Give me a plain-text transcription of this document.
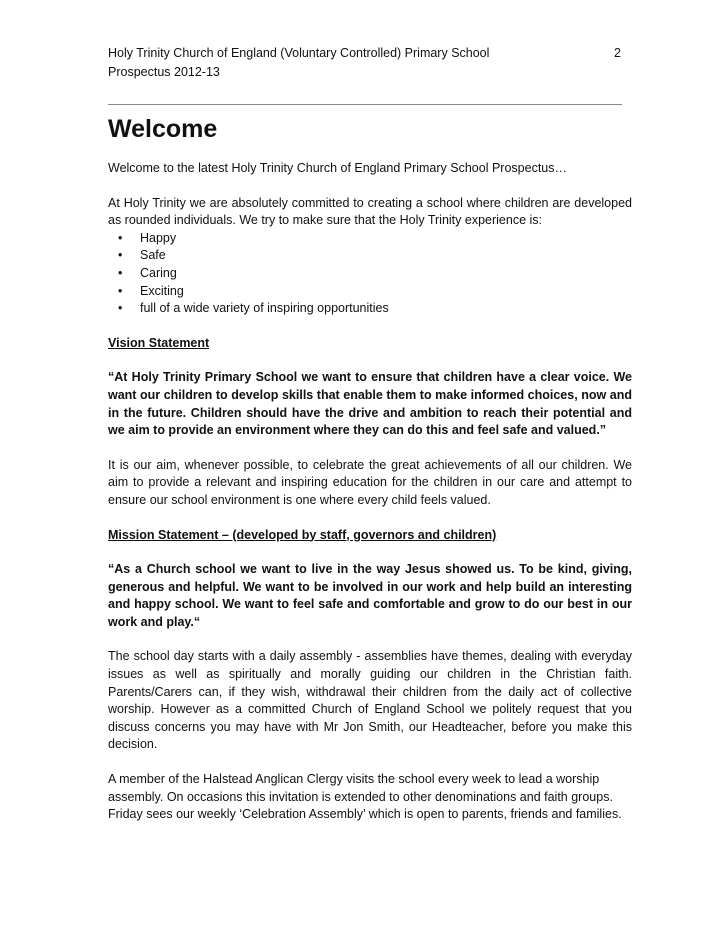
Holy Trinity Church of England (Voluntary Controlled) Primary School	2
Prospectus 2012-13
Welcome

Welcome to the latest Holy Trinity Church of England Primary School Prospectus…

At Holy Trinity we are absolutely committed to creating a school where children are developed as rounded individuals. We try to make sure that the Holy Trinity experience is:

• Happy
• Safe
• Caring
• Exciting
• full of a wide variety of inspiring opportunities
Vision Statement

“At Holy Trinity Primary School we want to ensure that children have a clear voice. We want our children to develop skills that enable them to make informed choices, now and in the future. Children should have the drive and ambition to reach their potential and we aim to provide an environment where they can do this and feel safe and valued.”

It is our aim, whenever possible, to celebrate the great achievements of all our children. We aim to provide a relevant and inspiring education for the children in our care and attempt to ensure our school environment is one where every child feels valued.

Mission Statement – (developed by staff, governors and children)

“As a Church school we want to live in the way Jesus showed us. To be kind, giving, generous and helpful. We want to be involved in our work and help build an interesting and happy school. We want to feel safe and comfortable and grow to do our best in our work and play.“

The school day starts with a daily assembly - assemblies have themes, dealing with everyday issues as well as spiritually and morally guiding our children in the Christian faith. Parents/Carers can, if they wish, withdrawal their children from the daily act of collective worship. However as a committed Church of England School we politely request that you discuss concerns you may have with Mr Jon Smith, our Headteacher, before you make this decision.

A member of the Halstead Anglican Clergy visits the school every week to lead a worship assembly. On occasions this invitation is extended to other denominations and faith groups. Friday sees our weekly ‘Celebration Assembly’ which is open to parents, friends and families.
